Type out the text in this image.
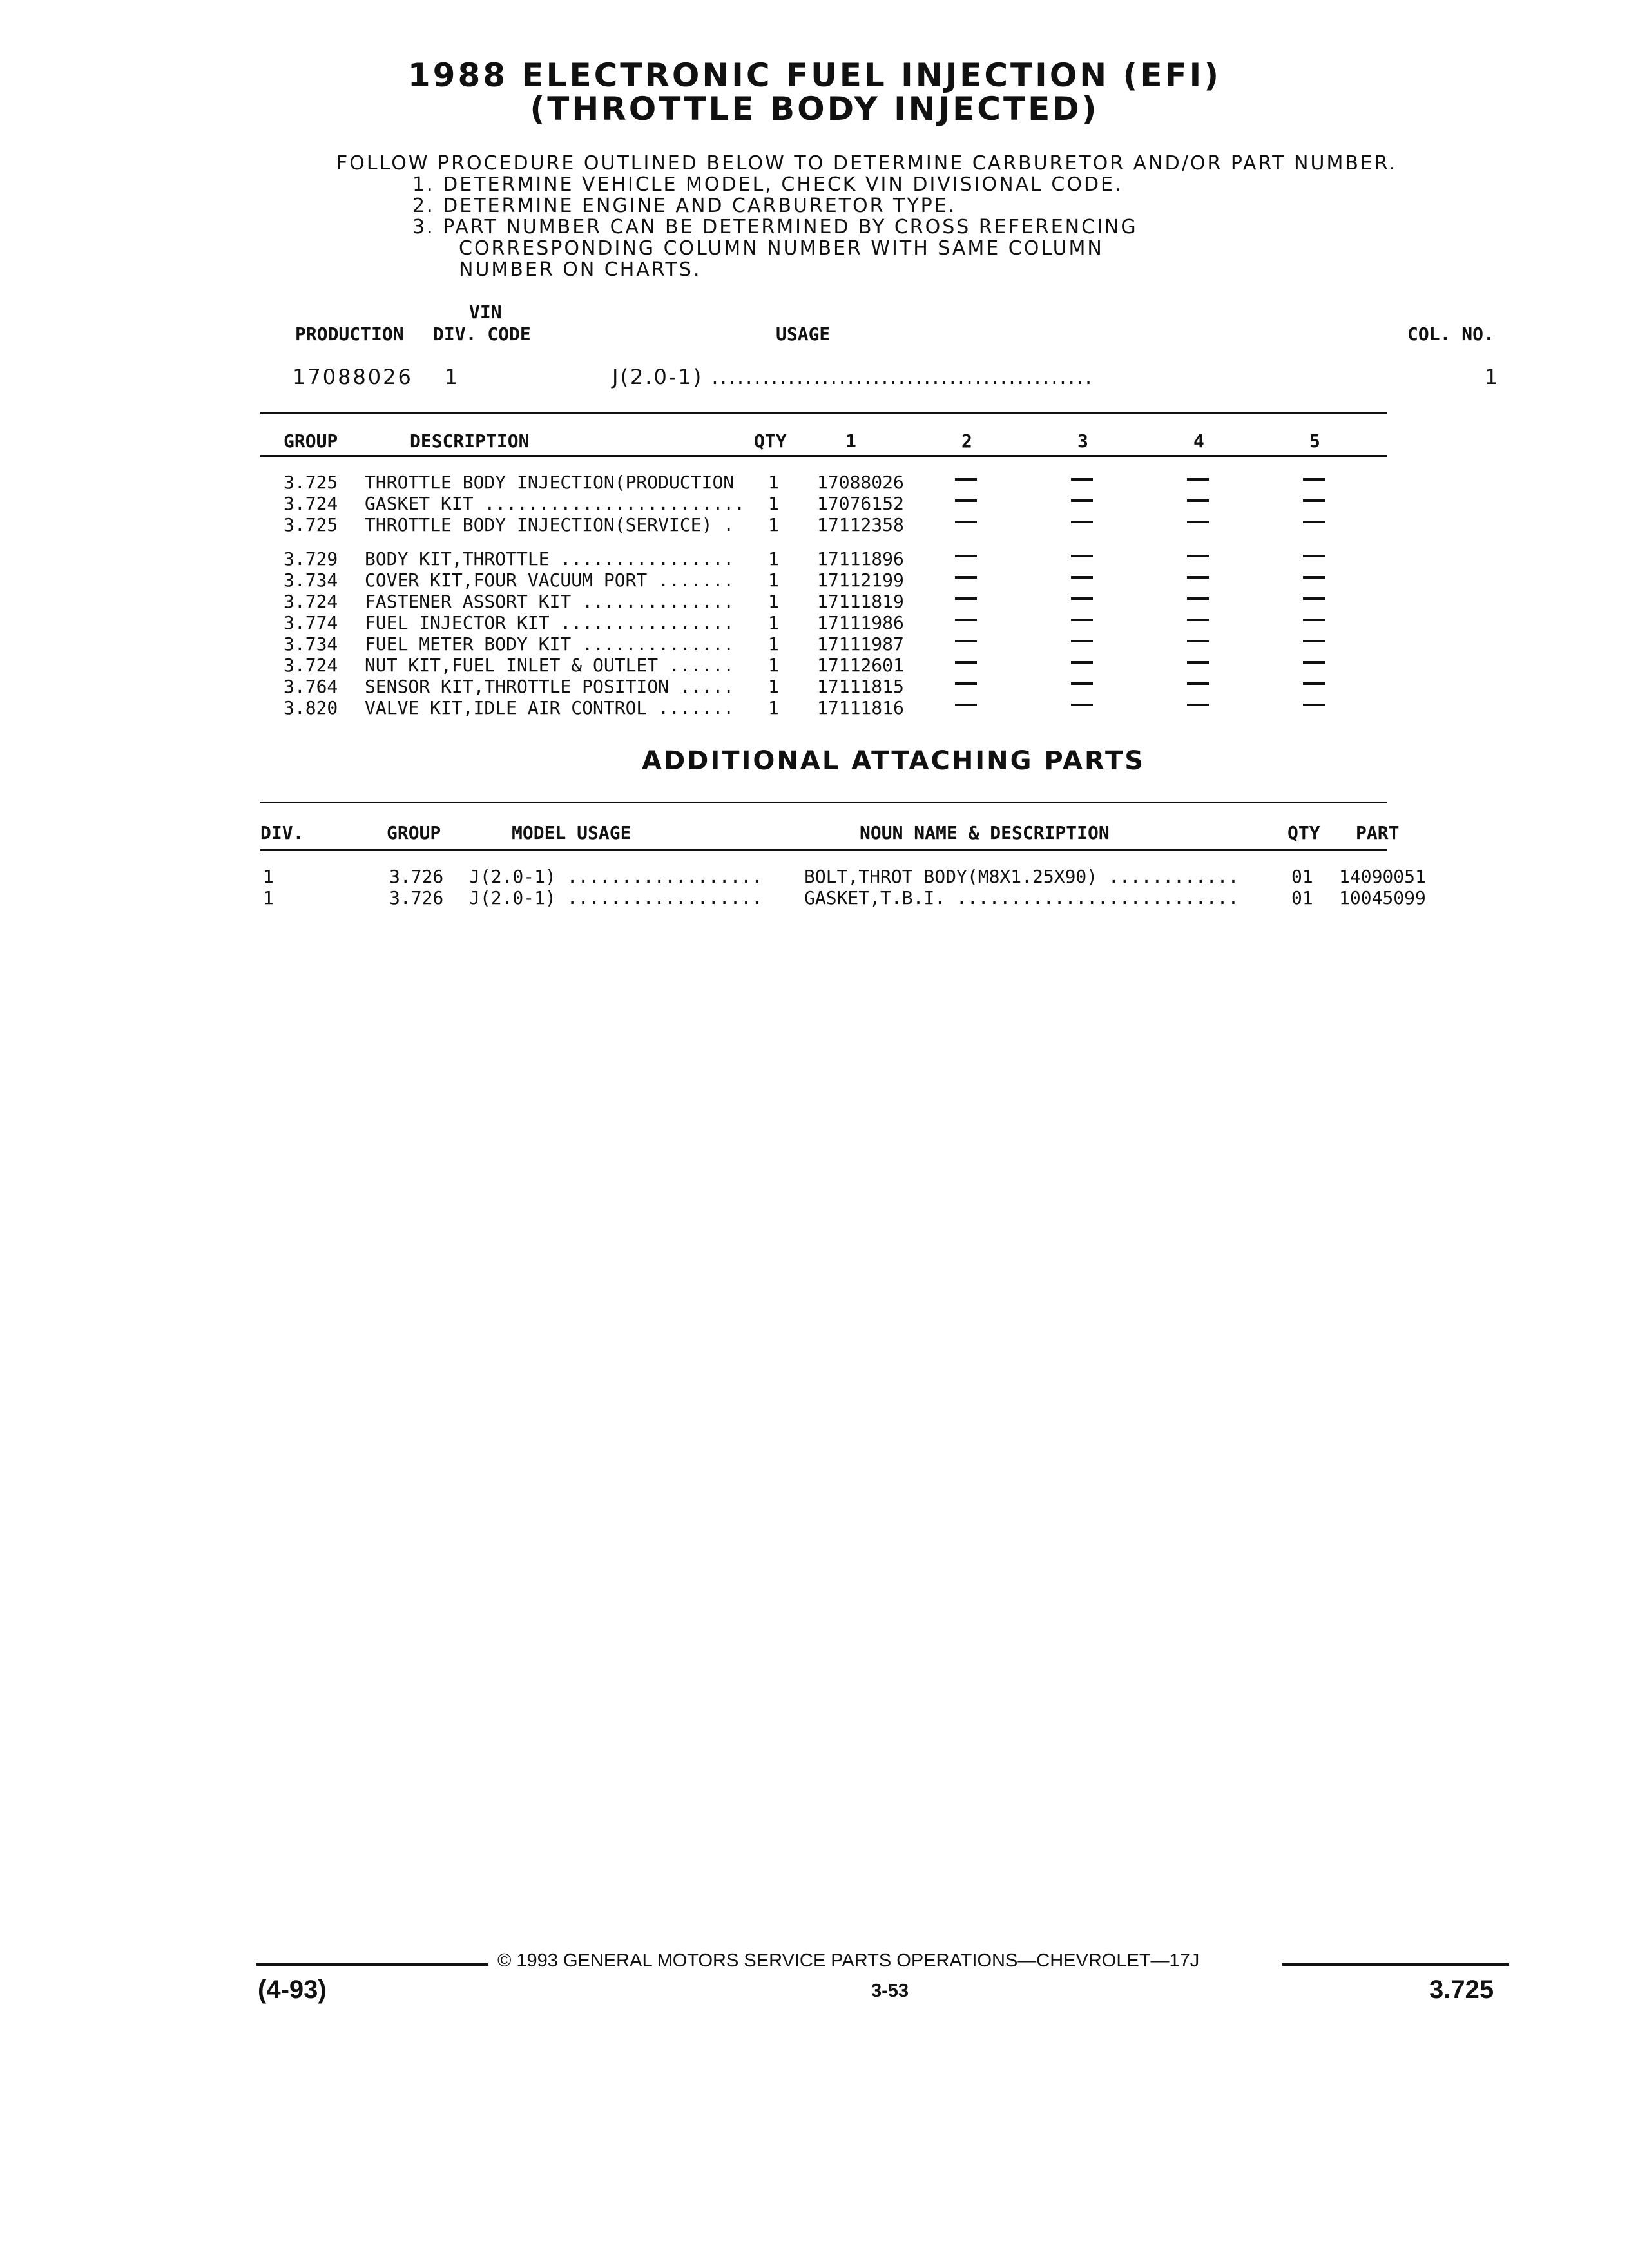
1988 ELECTRONIC FUEL INJECTION (EFI)
(THROTTLE BODY INJECTED)
FOLLOW PROCEDURE OUTLINED BELOW TO DETERMINE CARBURETOR AND/OR PART NUMBER.
1. DETERMINE VEHICLE MODEL, CHECK VIN DIVISIONAL CODE.
2. DETERMINE ENGINE AND CARBURETOR TYPE.
3. PART NUMBER CAN BE DETERMINED BY CROSS REFERENCING
CORRESPONDING COLUMN NUMBER WITH SAME COLUMN
NUMBER ON CHARTS.
VIN
PRODUCTION DIV. CODE	USAGE	COL. NO.
17088026 1	J(2.0-1) .............................................	1
GROUP	DESCRIPTION	QTY	1	2	3	4	5
3.725 THROTTLE BODY INJECTION(PRODUCTION 1 17088026
3.724 GASKET KIT ........................ 1 17076152
3.725 THROTTLE BODY INJECTION(SERVICE) . 1 17112358
3.729 BODY KIT,THROTTLE ................ 1 17111896
3.734 COVER KIT,FOUR VACUUM PORT ....... 1 17112199
3.724 FASTENER ASSORT KIT .............. 1 17111819
3.774 FUEL INJECTOR KIT ................ 1 17111986
3.734 FUEL METER BODY KIT .............. 1 17111987
3.724 NUT KIT,FUEL INLET & OUTLET ...... 1 17112601
3.764 SENSOR KIT,THROTTLE POSITION ..... 1 17111815
3.820 VALVE KIT,IDLE AIR CONTROL ....... 1 17111816
ADDITIONAL ATTACHING PARTS
DIV.	GROUP	MODEL USAGE	NOUN NAME & DESCRIPTION	QTY PART
1	3.726 J(2.0-1) .................. BOLT,THROT BODY(M8X1.25X90) ............	01 14090051
1	3.726 J(2.0-1) .................. GASKET,T.B.I. ..........................	01 10045099
© 1993 GENERAL MOTORS SERVICE PARTS OPERATIONS—CHEVROLET—17J
(4-93)	3-53	3.725
